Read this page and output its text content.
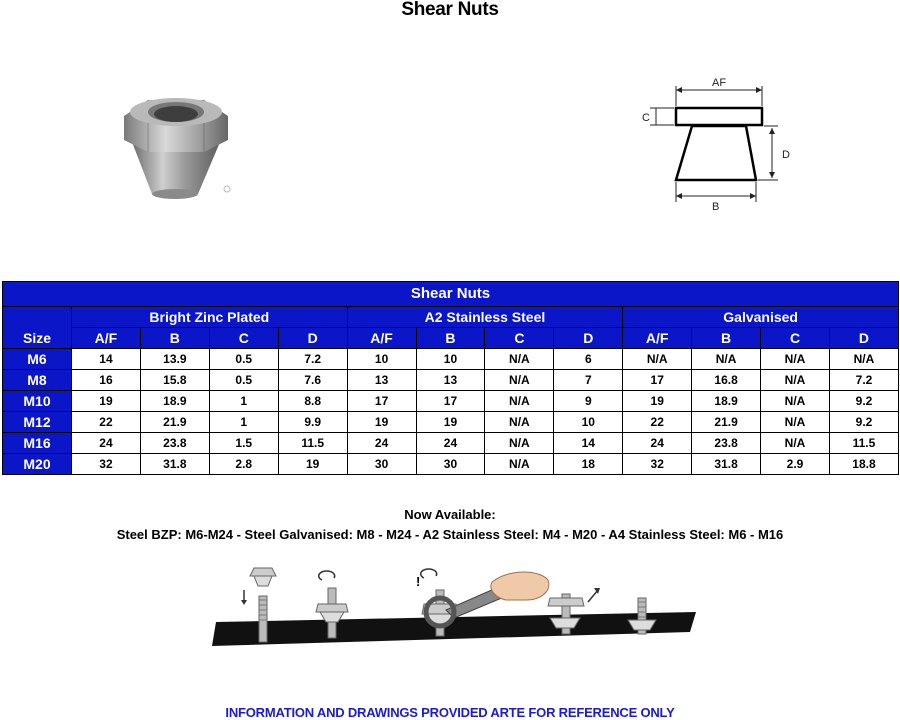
Shear Nuts
AF
C
D
B
Shear Nuts												
Size	Bright Zinc Plated				A2 Stainless Steel				Galvanised			
	A/F	B	C	D	A/F	B	C	D	A/F	B	C	D
M6	14	13.9	0.5	7.2	10	10	N/A	6	N/A	N/A	N/A	N/A
M8	16	15.8	0.5	7.6	13	13	N/A	7	17	16.8	N/A	7.2
M10	19	18.9	1	8.8	17	17	N/A	9	19	18.9	N/A	9.2
M12	22	21.9	1	9.9	19	19	N/A	10	22	21.9	N/A	9.2
M16	24	23.8	1.5	11.5	24	24	N/A	14	24	23.8	N/A	11.5
M20	32	31.8	2.8	19	30	30	N/A	18	32	31.8	2.9	18.8
Now Available:
Steel BZP: M6-M24 - Steel Galvanised: M8 - M24 - A2 Stainless Steel: M4 - M20 - A4 Stainless Steel: M6 - M16
!
INFORMATION AND DRAWINGS PROVIDED ARTE FOR REFERENCE ONLY
